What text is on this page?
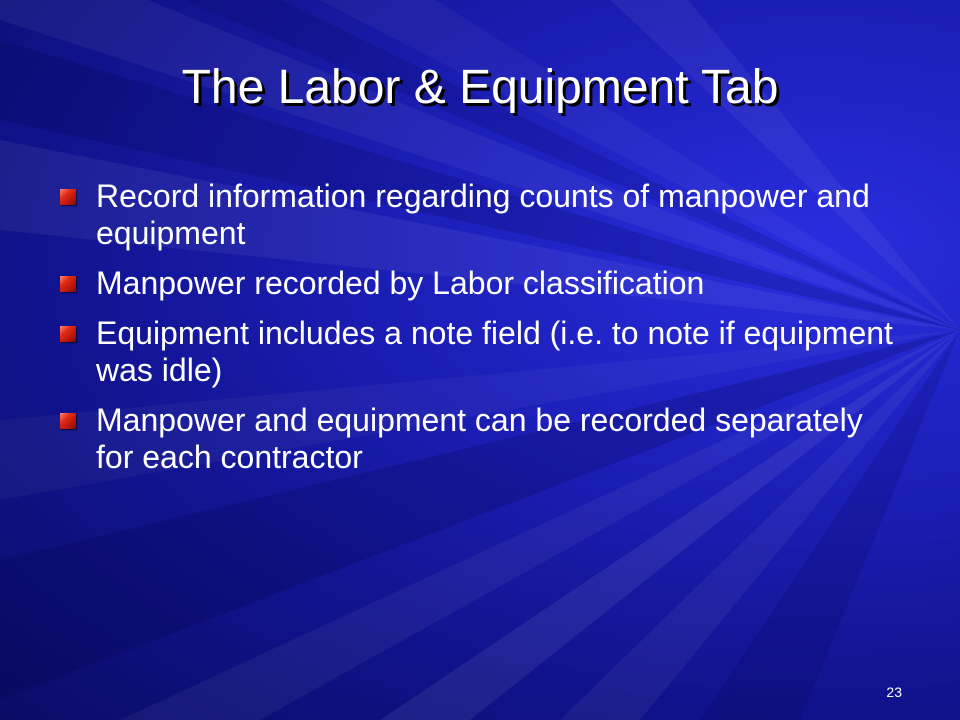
The Labor & Equipment Tab
Record information regarding counts of manpower and equipment
Manpower recorded by Labor classification
Equipment includes a note field (i.e. to note if equipment was idle)
Manpower and equipment can be recorded separately for each contractor
23
